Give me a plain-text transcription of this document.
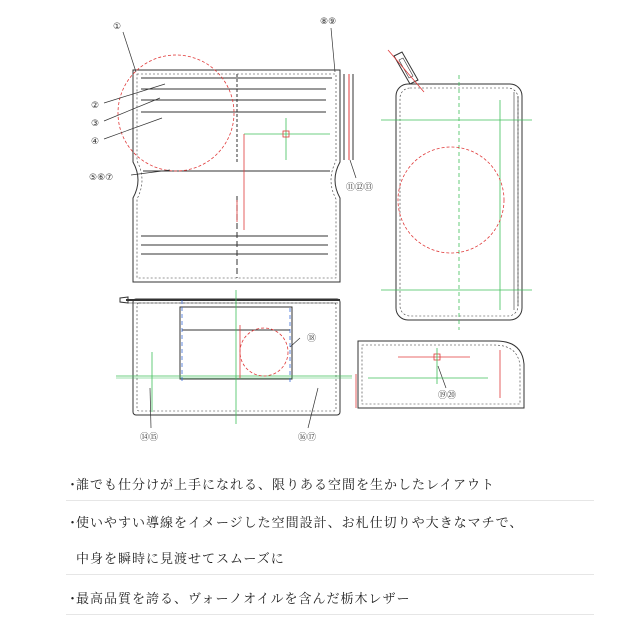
①
②
③
④
⑤⑥⑦
⑧⑨
⑪⑫⑬
⑭⑮	⑯⑰
⑱
⑲⑳
・
誰でも仕分けが上手になれる、限りある空間を生かしたレイアウト
・
使いやすい導線をイメージした空間設計、お札仕切りや大きなマチで、
中身を瞬時に見渡せてスムーズに
・
最高品質を誇る、ヴォーノオイルを含んだ栃木レザー
